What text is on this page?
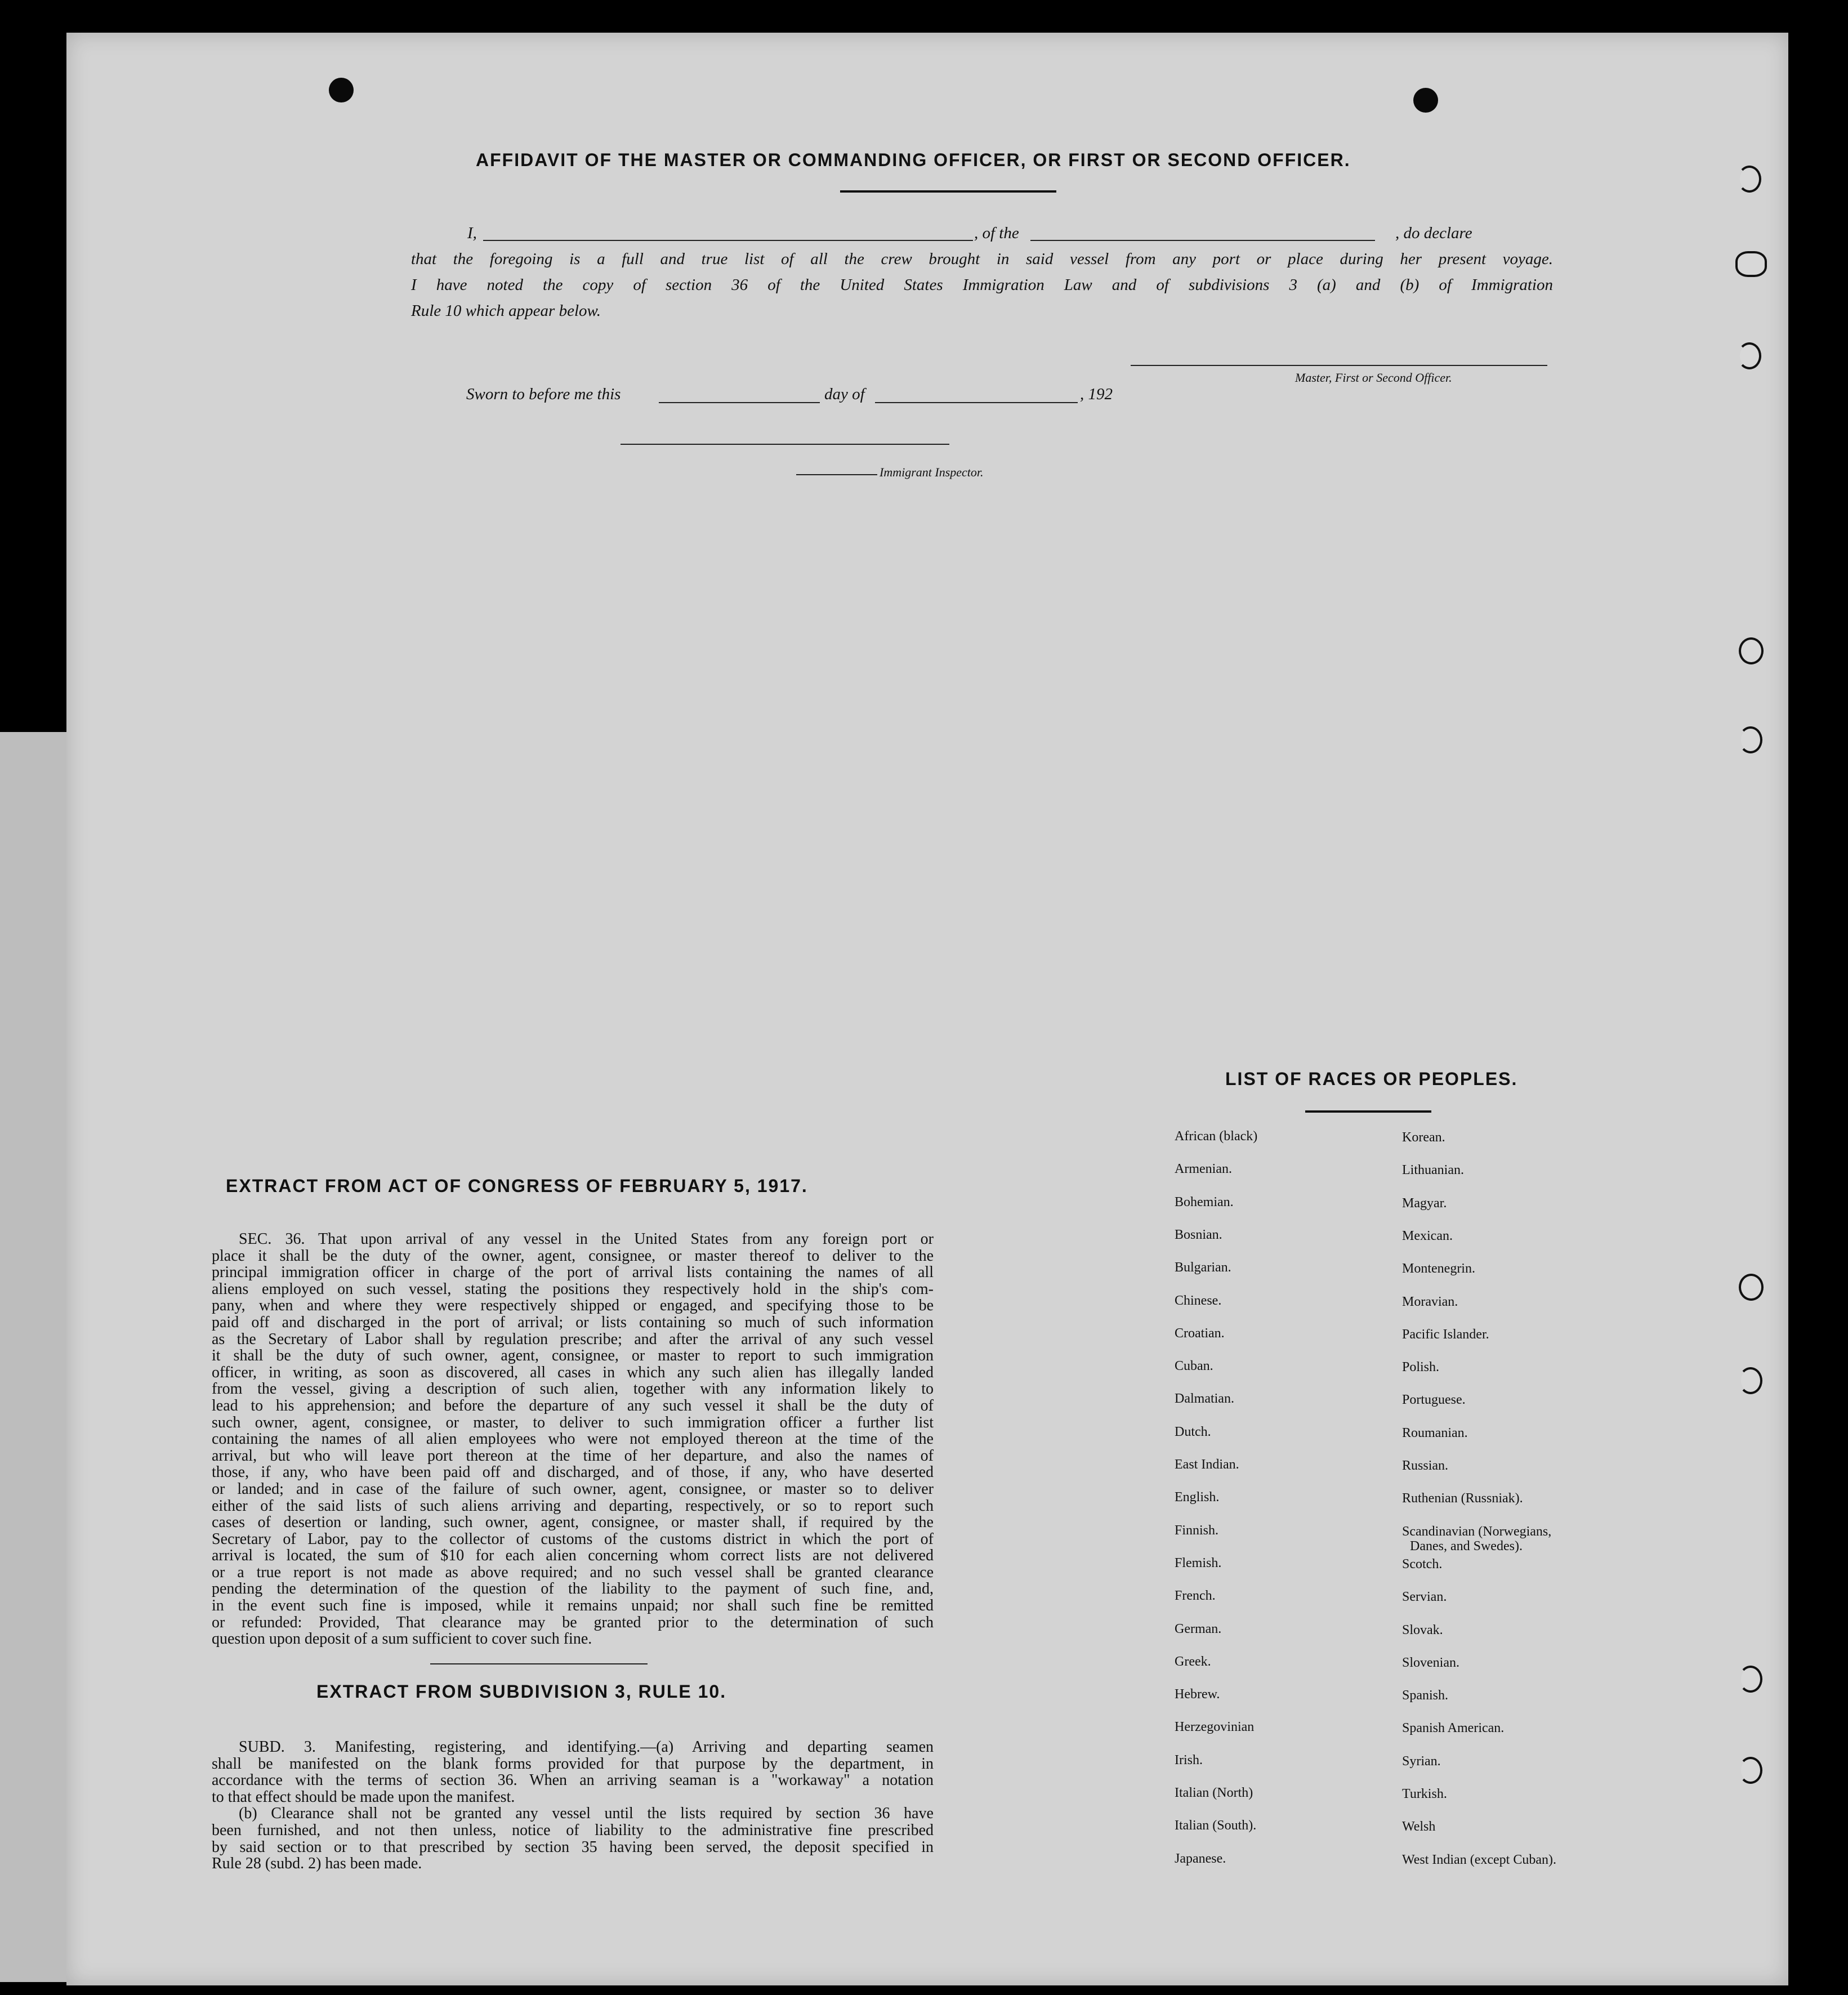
AFFIDAVIT OF THE MASTER OR COMMANDING OFFICER, OR FIRST OR SECOND OFFICER.
I,	, of the	, do declare
that the foregoing is a full and true list of all the crew brought in said vessel from any port or place during her present voyage.
I have noted the copy of section 36 of the United States Immigration Law and of subdivisions 3 (a) and (b) of Immigration
Rule 10 which appear below.
Master, First or Second Officer.
Sworn to before me this	day of	, 192
Immigrant Inspector.
EXTRACT FROM ACT OF CONGRESS OF FEBRUARY 5, 1917.
SEC. 36. That upon arrival of any vessel in the United States from any foreign port or
place it shall be the duty of the owner, agent, consignee, or master thereof to deliver to the
principal immigration officer in charge of the port of arrival lists containing the names of all
aliens employed on such vessel, stating the positions they respectively hold in the ship's com-
pany, when and where they were respectively shipped or engaged, and specifying those to be
paid off and discharged in the port of arrival; or lists containing so much of such information
as the Secretary of Labor shall by regulation prescribe; and after the arrival of any such vessel
it shall be the duty of such owner, agent, consignee, or master to report to such immigration
officer, in writing, as soon as discovered, all cases in which any such alien has illegally landed
from the vessel, giving a description of such alien, together with any information likely to
lead to his apprehension; and before the departure of any such vessel it shall be the duty of
such owner, agent, consignee, or master, to deliver to such immigration officer a further list
containing the names of all alien employees who were not employed thereon at the time of the
arrival, but who will leave port thereon at the time of her departure, and also the names of
those, if any, who have been paid off and discharged, and of those, if any, who have deserted
or landed; and in case of the failure of such owner, agent, consignee, or master so to deliver
either of the said lists of such aliens arriving and departing, respectively, or so to report such
cases of desertion or landing, such owner, agent, consignee, or master shall, if required by the
Secretary of Labor, pay to the collector of customs of the customs district in which the port of
arrival is located, the sum of $10 for each alien concerning whom correct lists are not delivered
or a true report is not made as above required; and no such vessel shall be granted clearance
pending the determination of the question of the liability to the payment of such fine, and,
in the event such fine is imposed, while it remains unpaid; nor shall such fine be remitted
or refunded: Provided, That clearance may be granted prior to the determination of such
question upon deposit of a sum sufficient to cover such fine.
EXTRACT FROM SUBDIVISION 3, RULE 10.
SUBD. 3. Manifesting, registering, and identifying.—(a) Arriving and departing seamen
shall be manifested on the blank forms provided for that purpose by the department, in
accordance with the terms of section 36. When an arriving seaman is a "workaway" a notation
to that effect should be made upon the manifest.
(b) Clearance shall not be granted any vessel until the lists required by section 36 have
been furnished, and not then unless, notice of liability to the administrative fine prescribed
by said section or to that prescribed by section 35 having been served, the deposit specified in
Rule 28 (subd. 2) has been made.
LIST OF RACES OR PEOPLES.
African (black)
Armenian.
Bohemian.
Bosnian.
Bulgarian.
Chinese.
Croatian.
Cuban.
Dalmatian.
Dutch.
East Indian.
English.
Finnish.
Flemish.
French.
German.
Greek.
Hebrew.
Herzegovinian
Irish.
Italian (North)
Italian (South).
Japanese.
Korean.
Lithuanian.
Magyar.
Mexican.
Montenegrin.
Moravian.
Pacific Islander.
Polish.
Portuguese.
Roumanian.
Russian.
Ruthenian (Russniak).
Scandinavian (Norwegians,
Danes, and Swedes).
Scotch.
Servian.
Slovak.
Slovenian.
Spanish.
Spanish American.
Syrian.
Turkish.
Welsh
West Indian (except Cuban).
